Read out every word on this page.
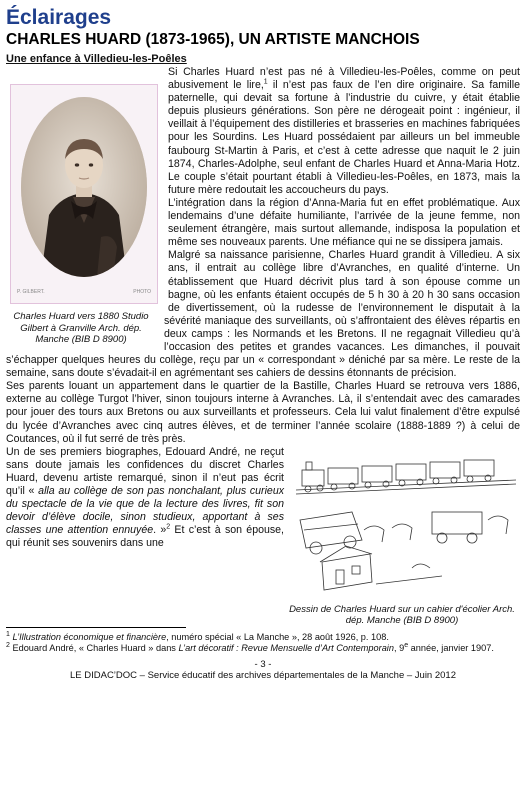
Éclairages
CHARLES HUARD (1873-1965), UN ARTISTE MANCHOIS
Une enfance à Villedieu-les-Poêles
P. GILBERT.	PHOTO
Charles Huard vers 1880 Studio Gilbert à Granville Arch. dép. Manche (BIB D 8900)

Si Charles Huard n’est pas né à Villedieu-les-Poêles, comme on peut abusivement le lire,$^1$ il n’est pas faux de l’en dire originaire. Sa famille paternelle, qui devait sa fortune à l’industrie du cuivre, y était établie depuis plusieurs générations. Son père ne dérogeait point : ingénieur, il veillait à l’équipement des distilleries et brasseries en machines fabriquées pour les Sourdins. Les Huard possédaient par ailleurs un bel immeuble faubourg St-Martin à Paris, et c’est à cette adresse que naquit le 2 juin 1874, Charles-Adolphe, seul enfant de Charles Huard et Anna-Maria Hotz. Le couple s’était pourtant établi à Villedieu-les-Poêles, en 1873, mais la future mère redoutait les accoucheurs du pays.

L’intégration dans la région d’Anna-Maria fut en effet problématique. Aux lendemains d’une défaite humiliante, l’arrivée de la jeune femme, non seulement étrangère, mais surtout allemande, indisposa la population et même ses nouveaux parents. Une méfiance qui ne se dissipera jamais.

Malgré sa naissance parisienne, Charles Huard grandit à Villedieu. A six ans, il entrait au collège libre d’Avranches, en qualité d’interne. Un établissement que Huard décrivit plus tard à son épouse comme un bagne, où les enfants étaient occupés de 5 h 30 à 20 h 30 sans occasion de divertissement, où la rudesse de l’environnement le disputait à la sévérité maniaque des surveillants, où s’affrontaient des élèves répartis en deux camps : les Normands et les Bretons. Il ne regagnait Villedieu qu’à l’occasion des petites et grandes vacances. Les dimanches, il pouvait s’échapper quelques heures du collège, reçu par un « correspondant » déniché par sa mère. Le reste de la semaine, sans doute s’évadait-il en agrémentant ses cahiers de dessins étonnants de précision.

Ses parents louant un appartement dans le quartier de la Bastille, Charles Huard se retrouva vers 1886, externe au collège Turgot l’hiver, sinon toujours interne à Avranches. Là, il s’entendait avec des camarades pour jouer des tours aux Bretons ou aux surveillants et professeurs. Cela lui valut finalement d’être expulsé du lycée d’Avranches avec cinq autres élèves, et de terminer l’année scolaire (1888-1889 ?) à celui de Coutances, où il fut serré de très près.

Un de ses premiers biographes, Edouard André, ne reçut sans doute jamais les confidences du discret Charles Huard, devenu artiste remarqué, sinon il n’eut pas écrit qu’il « alla au collège de son pas nonchalant, plus curieux du spectacle de la vie que de la lecture des livres, fit son devoir d’élève docile, sinon studieux, apportant à ses classes une attention ennuyée. »$^2$ Et c’est à son épouse, qui réunit ses souvenirs dans une

Dessin de Charles Huard sur un cahier d'écolier Arch. dép. Manche (BIB D 8900)
$^1$ L’Illustration économique et financière, numéro spécial « La Manche », 28 août 1926, p. 108.
$^2$ Edouard André, « Charles Huard » dans L’art décoratif : Revue Mensuelle d’Art Contemporain, 9e année, janvier 1907.
- 3 -
LE DIDAC’DOC – Service éducatif des archives départementales de la Manche – Juin 2012
